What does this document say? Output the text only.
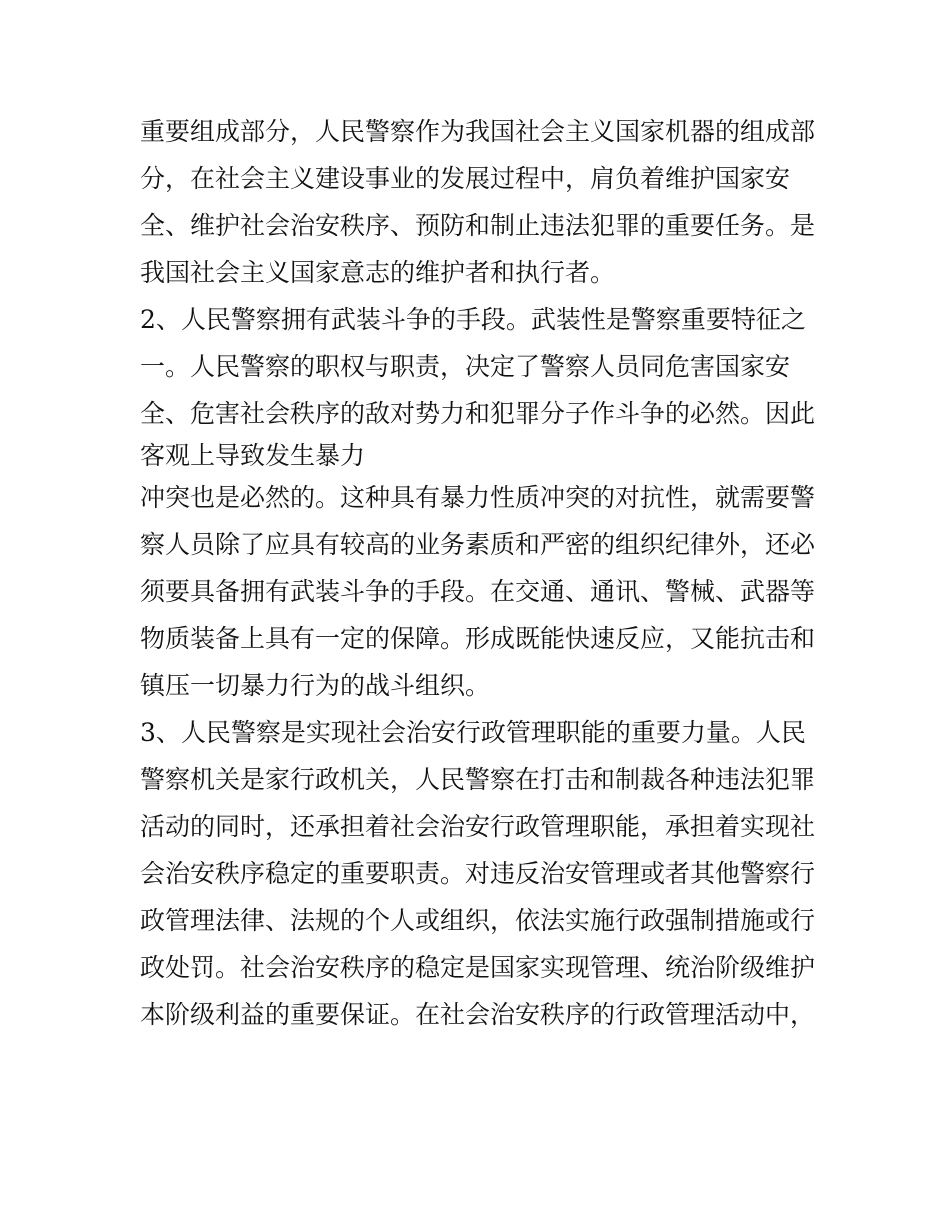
重要组成部分，人民警察作为我国社会主义国家机器的组成部
分，在社会主义建设事业的发展过程中，肩负着维护国家安
全、维护社会治安秩序、预防和制止违法犯罪的重要任务。是
我国社会主义国家意志的维护者和执行者。
2、人民警察拥有武装斗争的手段。武装性是警察重要特征之
一。人民警察的职权与职责，决定了警察人员同危害国家安
全、危害社会秩序的敌对势力和犯罪分子作斗争的必然。因此
客观上导致发生暴力
冲突也是必然的。这种具有暴力性质冲突的对抗性，就需要警
察人员除了应具有较高的业务素质和严密的组织纪律外，还必
须要具备拥有武装斗争的手段。在交通、通讯、警械、武器等
物质装备上具有一定的保障。形成既能快速反应，又能抗击和
镇压一切暴力行为的战斗组织。
3、人民警察是实现社会治安行政管理职能的重要力量。人民
警察机关是家行政机关，人民警察在打击和制裁各种违法犯罪
活动的同时，还承担着社会治安行政管理职能，承担着实现社
会治安秩序稳定的重要职责。对违反治安管理或者其他警察行
政管理法律、法规的个人或组织，依法实施行政强制措施或行
政处罚。社会治安秩序的稳定是国家实现管理、统治阶级维护
本阶级利益的重要保证。在社会治安秩序的行政管理活动中，
